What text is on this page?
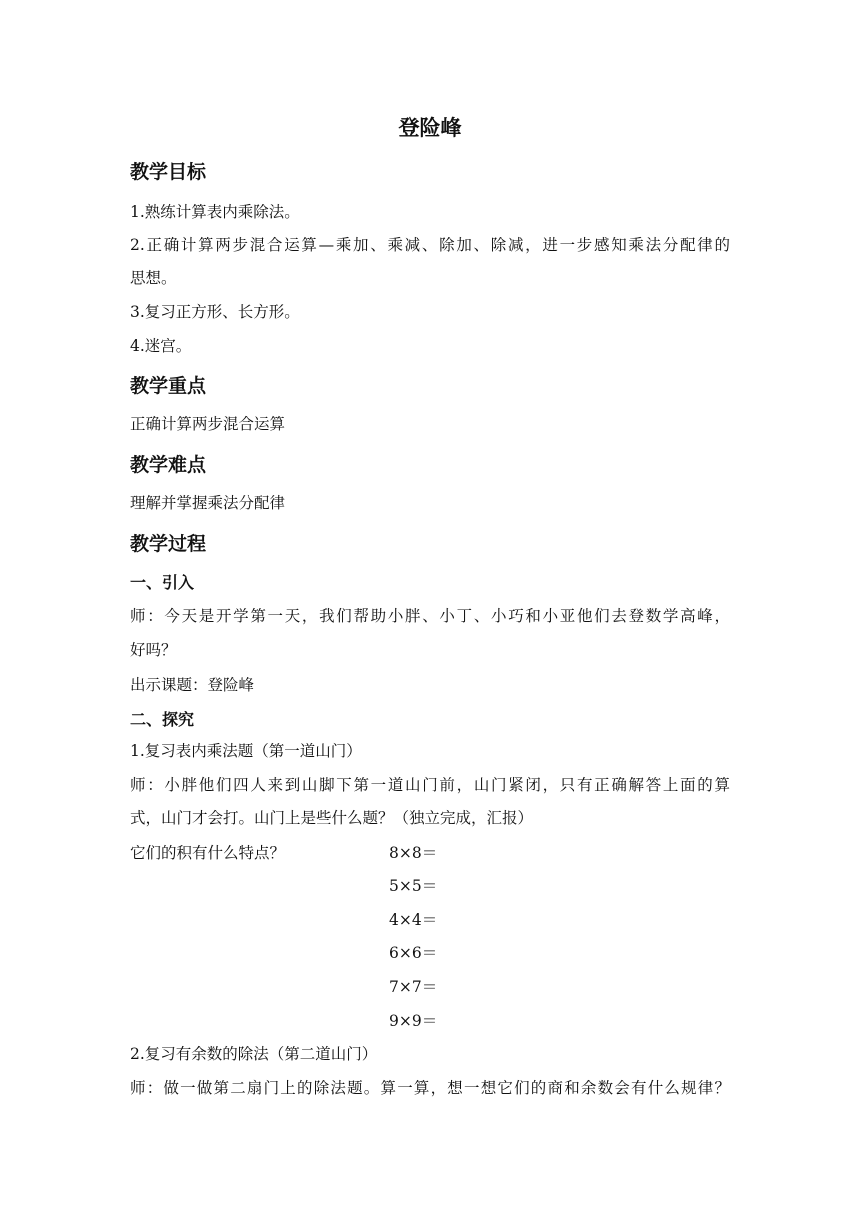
登险峰
教学目标

1.熟练计算表内乘除法。

2.正确计算两步混合运算—乘加、乘减、除加、除减，进一步感知乘法分配律的

思想。

3.复习正方形、长方形。

4.迷宫。

教学重点

正确计算两步混合运算

教学难点

理解并掌握乘法分配律

教学过程
一、引入

师：今天是开学第一天，我们帮助小胖、小丁、小巧和小亚他们去登数学高峰，

好吗？

出示课题：登险峰

二、探究

1.复习表内乘法题（第一道山门）

师：小胖他们四人来到山脚下第一道山门前，山门紧闭，只有正确解答上面的算

式，山门才会打。山门上是些什么题？（独立完成，汇报）

它们的积有什么特点？	8×8＝

5×5＝

4×4＝

6×6＝

7×7＝

9×9＝

2.复习有余数的除法（第二道山门）

师：做一做第二扇门上的除法题。算一算，想一想它们的商和余数会有什么规律？
